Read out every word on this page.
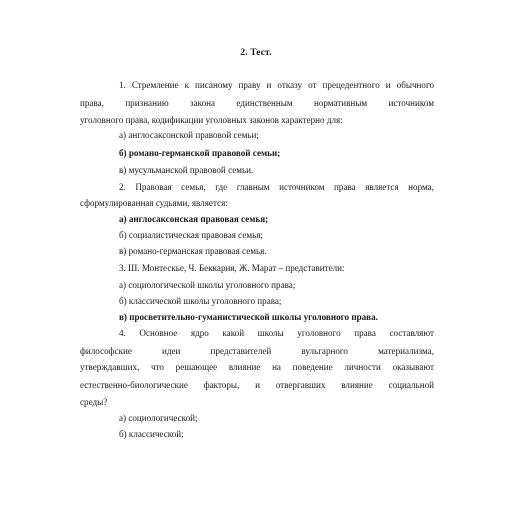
2. Тест.
1. Стремление к писаному праву и отказу от прецедентного и обычного
права, признанию закона единственным нормативным источником
уголовного права, кодификации уголовных законов характерно для:
а) англосаксонской правовой семьи;
б) романо-германской правовой семьи;
в) мусульманской правовой семьи.
2. Правовая семья, где главным источником права является норма,
сформулированная судьями, является:
а) англосаксонская правовая семья;
б) социалистическая правовая семья;
в) романо-германская правовая семья.
3. Ш. Монтескье, Ч. Беккария, Ж. Марат – представители:
а) социологической школы уголовного права;
б) классической школы уголовного права;
в) просветительно-гуманистической школы уголовного права.
4. Основное ядро какой школы уголовного права составляют
философские идеи представителей вульгарного материализма,
утверждавших, что решающее влияние на поведение личности оказывают
естественно-биологические факторы, и отвергавших влияние социальной
среды?
а) социологической;
б) классической;
